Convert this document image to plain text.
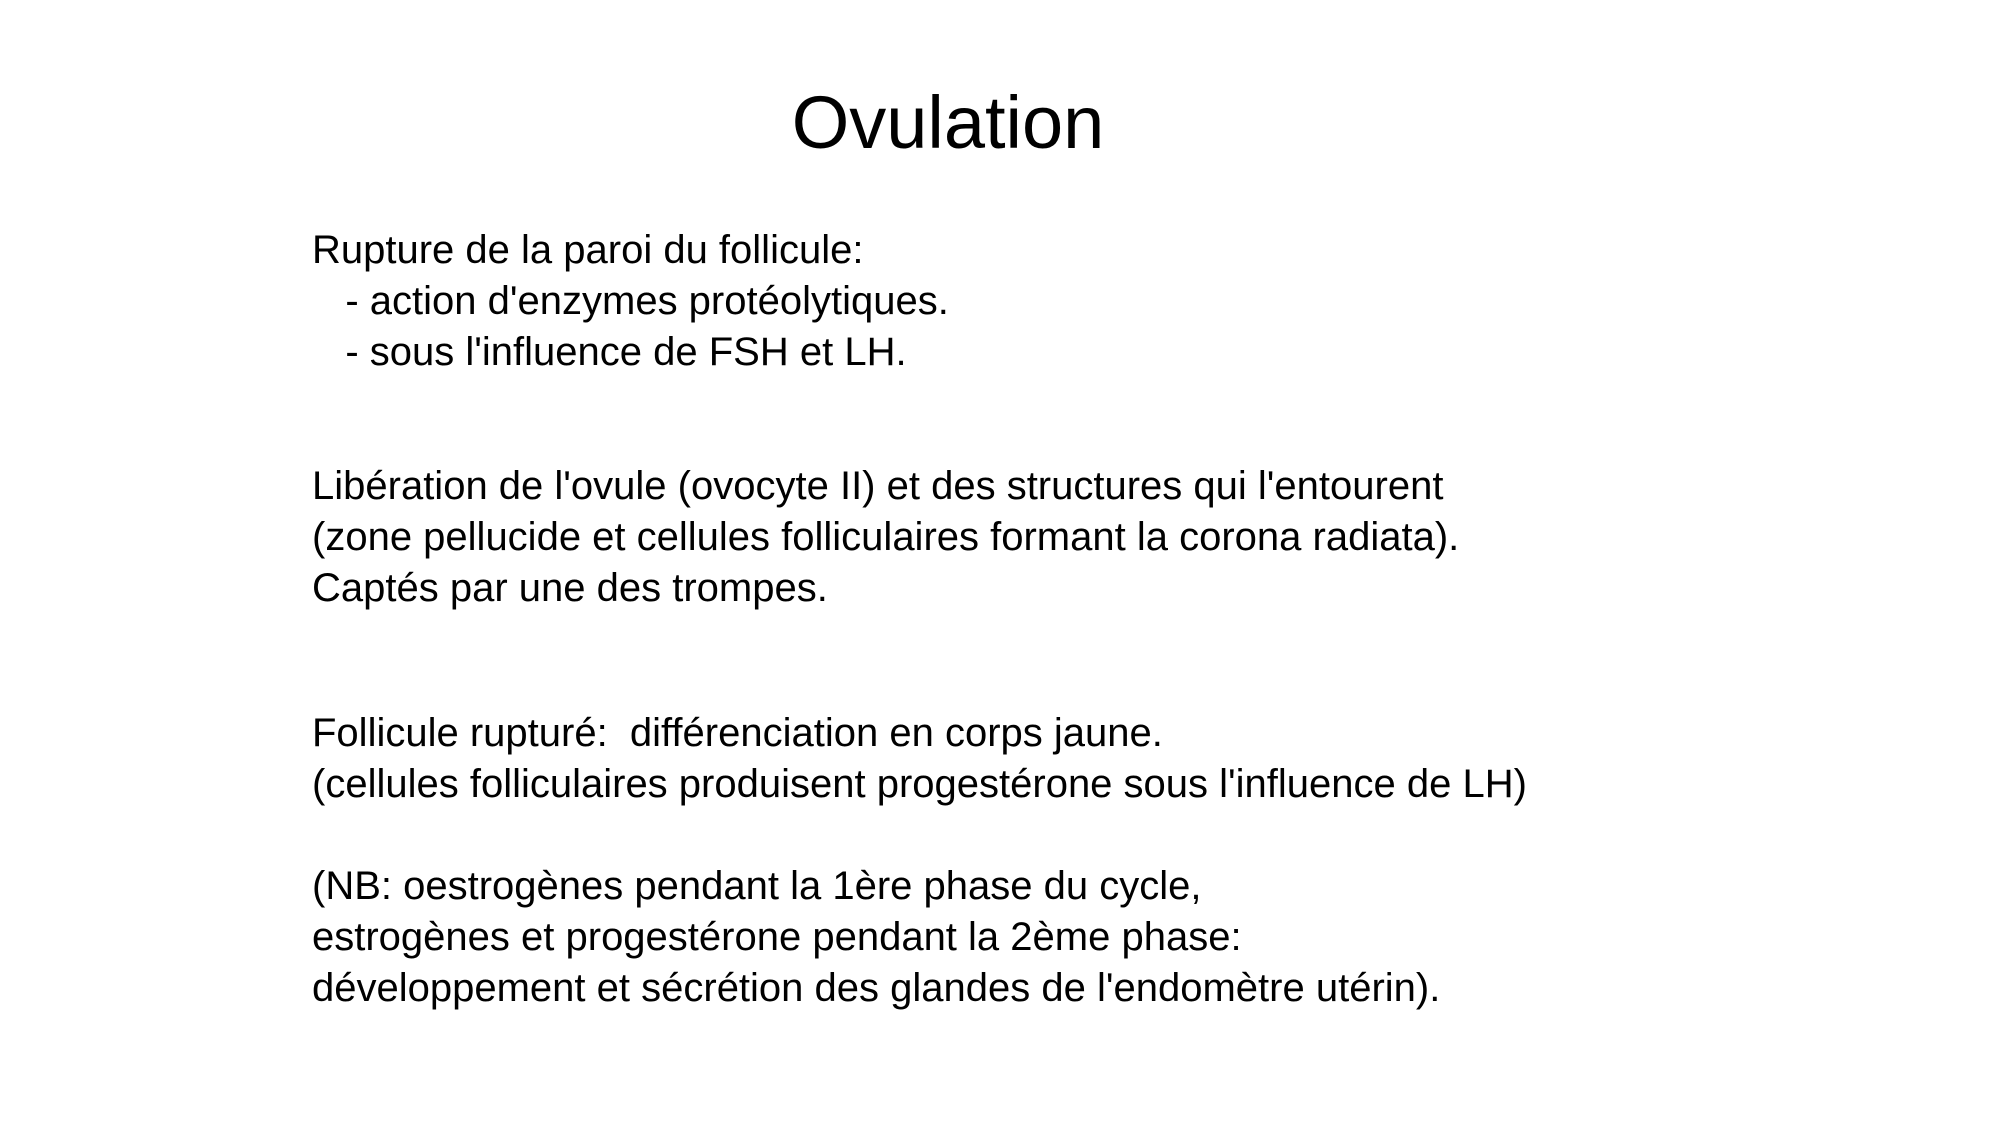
Ovulation
Rupture de la paroi du follicule:
- action d'enzymes protéolytiques.
- sous l'influence de FSH et LH.
Libération de l'ovule (ovocyte II) et des structures qui l'entourent
(zone pellucide et cellules folliculaires formant la corona radiata).
Captés par une des trompes.
Follicule rupturé:  différenciation en corps jaune.
(cellules folliculaires produisent progestérone sous l'influence de LH)
(NB: oestrogènes pendant la 1ère phase du cycle,
estrogènes et progestérone pendant la 2ème phase:
développement et sécrétion des glandes de l'endomètre utérin).
